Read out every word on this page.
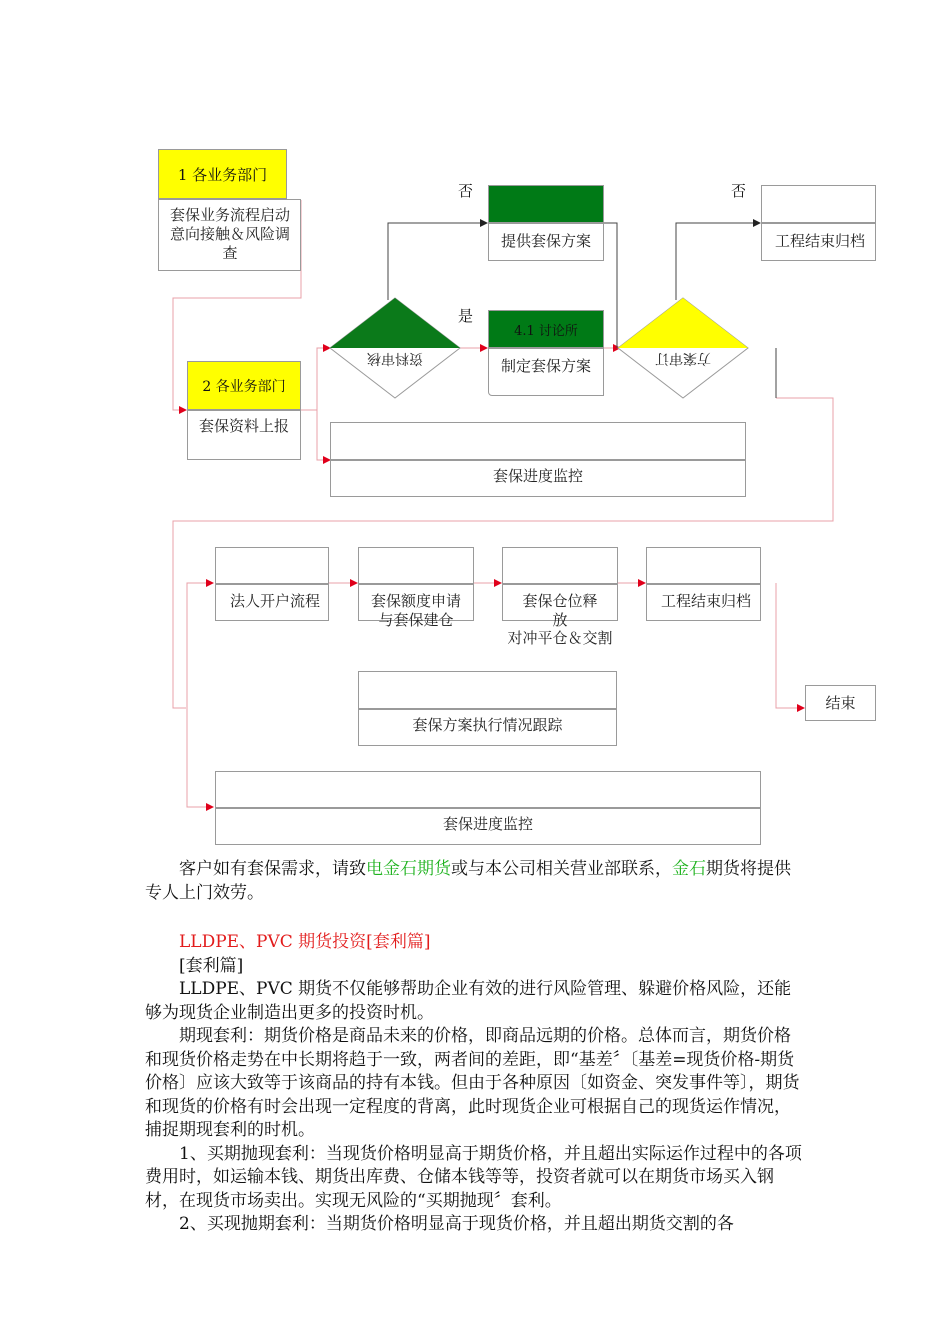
1 各业务部门
套保业务流程启动意向接触＆风险调查
2 各业务部门
套保资料上报
资料审核
否
是
提供套保方案
4.1 讨论所
制定套保方案	方案审订
否
工程结束归档
套保进度监控
法人开户流程	套保额度申请与套保建仓
套保仓位释放
对冲平仓＆交割
工程结束归档
套保方案执行情况跟踪
结束
套保进度监控

客户如有套保需求，请致电金石期货或与本公司相关营业部联系，金石期货将提供专人上门效劳。

LLDPE、PVC 期货投资[套利篇]

[套利篇]

LLDPE、PVC 期货不仅能够帮助企业有效的进行风险管理、躲避价格风险，还能够为现货企业制造出更多的投资时机。

期现套利：期货价格是商品未来的价格，即商品远期的价格。总体而言，期货价格和现货价格走势在中长期将趋于一致，两者间的差距，即“基差〞〔基差=现货价格-期货价格〕应该大致等于该商品的持有本钱。但由于各种原因〔如资金、突发事件等〕，期货和现货的价格有时会出现一定程度的背离，此时现货企业可根据自己的现货运作情况，捕捉期现套利的时机。

1、买期抛现套利：当现货价格明显高于期货价格，并且超出实际运作过程中的各项费用时，如运输本钱、期货出库费、仓储本钱等等，投资者就可以在期货市场买入钢材，在现货市场卖出。实现无风险的“买期抛现〞套利。

2、买现抛期套利：当期货价格明显高于现货价格，并且超出期货交割的各
